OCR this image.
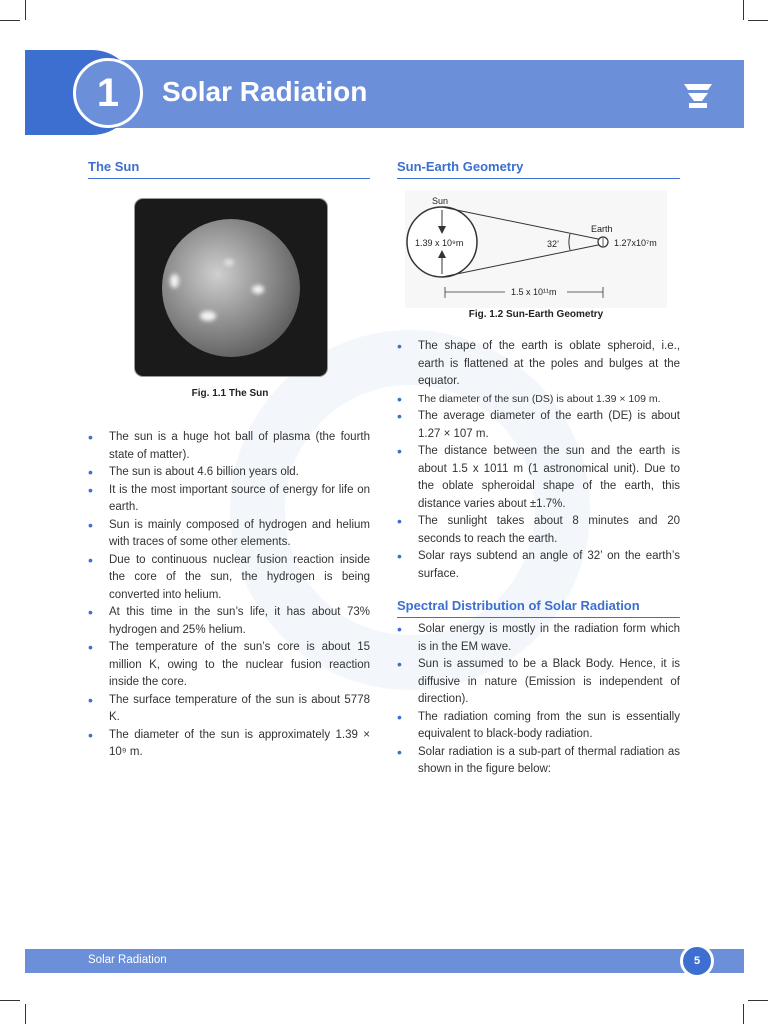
1	Solar Radiation
The Sun
Fig. 1.1 The Sun
• The sun is a huge hot ball of plasma (the fourth state of matter).
• The sun is about 4.6 billion years old.
• It is the most important source of energy for life on earth.
• Sun is mainly composed of hydrogen and helium with traces of some other elements.
• Due to continuous nuclear fusion reaction inside the core of the sun, the hydrogen is being converted into helium.
• At this time in the sun’s life, it has about 73% hydrogen and 25% helium.
• The temperature of the sun’s core is about 15 million K, owing to the nuclear fusion reaction inside the core.
• The surface temperature of the sun is about 5778 K.
• The diameter of the sun is approximately 1.39 × 10⁹ m.
Sun-Earth Geometry
Sun
Earth
1.39 x 10⁹m	1.27x10⁷m
32’
1.5 x 10¹¹m
Fig. 1.2 Sun-Earth Geometry
• The shape of the earth is oblate spheroid, i.e., earth is flattened at the poles and bulges at the equator.
• The diameter of the sun (DS) is about 1.39 × 109 m.
• The average diameter of the earth (DE) is about 1.27 × 107 m.
• The distance between the sun and the earth is about 1.5 x 1011 m (1 astronomical unit). Due to the oblate spheroidal shape of the earth, this distance varies about ±1.7%.
• The sunlight takes about 8 minutes and 20 seconds to reach the earth.
• Solar rays subtend an angle of 32’ on the earth’s surface.
Spectral Distribution of Solar Radiation
• Solar energy is mostly in the radiation form which is in the EM wave.
• Sun is assumed to be a Black Body. Hence, it is diffusive in nature (Emission is independent of direction).
• The radiation coming from the sun is essentially equivalent to black-body radiation.
• Solar radiation is a sub-part of thermal radiation as shown in the figure below:
Solar Radiation	5
